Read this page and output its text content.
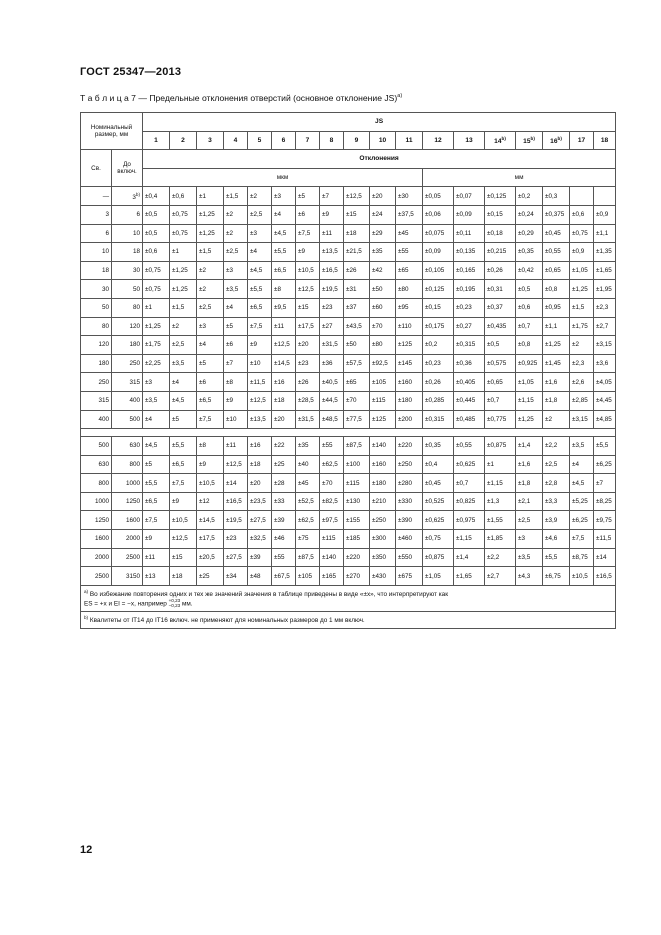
ГОСТ 25347—2013
Т а б л и ц а 7 — Предельные отклонения отверстий (основное отклонение JS)$^{а)}$
Номинальный размер, мм		JS																	
		1	2	3	4	5	6	7	8	9	10	11	12	13	14$^{b)}$	15$^{b)}$	16$^{b)}$	17	18
Св.	До включ.	Отклонения																	
		мкм											мм						
—	$3^{b)}$	±0,4	±0,6	±1	±1,5	±2	±3	±5	±7	±12,5	±20	±30	±0,05	±0,07	±0,125	±0,2	±0,3		
3	6	±0,5	±0,75	±1,25	±2	±2,5	±4	±6	±9	±15	±24	±37,5	±0,06	±0,09	±0,15	±0,24	±0,375	±0,6	±0,9
6	10	±0,5	±0,75	±1,25	±2	±3	±4,5	±7,5	±11	±18	±29	±45	±0,075	±0,11	±0,18	±0,29	±0,45	±0,75	±1,1
10	18	±0,6	±1	±1,5	±2,5	±4	±5,5	±9	±13,5	±21,5	±35	±55	±0,09	±0,135	±0,215	±0,35	±0,55	±0,9	±1,35
18	30	±0,75	±1,25	±2	±3	±4,5	±6,5	±10,5	±16,5	±26	±42	±65	±0,105	±0,165	±0,26	±0,42	±0,65	±1,05	±1,65
30	50	±0,75	±1,25	±2	±3,5	±5,5	±8	±12,5	±19,5	±31	±50	±80	±0,125	±0,195	±0,31	±0,5	±0,8	±1,25	±1,95
50	80	±1	±1,5	±2,5	±4	±6,5	±9,5	±15	±23	±37	±60	±95	±0,15	±0,23	±0,37	±0,6	±0,95	±1,5	±2,3
80	120	±1,25	±2	±3	±5	±7,5	±11	±17,5	±27	±43,5	±70	±110	±0,175	±0,27	±0,435	±0,7	±1,1	±1,75	±2,7
120	180	±1,75	±2,5	±4	±6	±9	±12,5	±20	±31,5	±50	±80	±125	±0,2	±0,315	±0,5	±0,8	±1,25	±2	±3,15
180	250	±2,25	±3,5	±5	±7	±10	±14,5	±23	±36	±57,5	±92,5	±145	±0,23	±0,36	±0,575	±0,925	±1,45	±2,3	±3,6
250	315	±3	±4	±6	±8	±11,5	±16	±26	±40,5	±65	±105	±160	±0,26	±0,405	±0,65	±1,05	±1,6	±2,6	±4,05
315	400	±3,5	±4,5	±6,5	±9	±12,5	±18	±28,5	±44,5	±70	±115	±180	±0,285	±0,445	±0,7	±1,15	±1,8	±2,85	±4,45
400	500	±4	±5	±7,5	±10	±13,5	±20	±31,5	±48,5	±77,5	±125	±200	±0,315	±0,485	±0,775	±1,25	±2	±3,15	±4,85

500	630	±4,5	±5,5	±8	±11	±16	±22	±35	±55	±87,5	±140	±220	±0,35	±0,55	±0,875	±1,4	±2,2	±3,5	±5,5
630	800	±5	±6,5	±9	±12,5	±18	±25	±40	±62,5	±100	±160	±250	±0,4	±0,625	±1	±1,6	±2,5	±4	±6,25
800	1000	±5,5	±7,5	±10,5	±14	±20	±28	±45	±70	±115	±180	±280	±0,45	±0,7	±1,15	±1,8	±2,8	±4,5	±7
1000	1250	±6,5	±9	±12	±16,5	±23,5	±33	±52,5	±82,5	±130	±210	±330	±0,525	±0,825	±1,3	±2,1	±3,3	±5,25	±8,25
1250	1600	±7,5	±10,5	±14,5	±19,5	±27,5	±39	±62,5	±97,5	±155	±250	±390	±0,625	±0,975	±1,55	±2,5	±3,9	±6,25	±9,75
1600	2000	±9	±12,5	±17,5	±23	±32,5	±46	±75	±115	±185	±300	±460	±0,75	±1,15	±1,85	±3	±4,6	±7,5	±11,5
2000	2500	±11	±15	±20,5	±27,5	±39	±55	±87,5	±140	±220	±350	±550	±0,875	±1,4	±2,2	±3,5	±5,5	±8,75	±14
2500	3150	±13	±18	±25	±34	±48	±67,5	±105	±165	±270	±430	±675	±1,05	±1,65	±2,7	±4,3	±6,75	±10,5	±16,5
$^{а)}$ Во избежание повторения одних и тех же значений значения в таблице приведены в виде «±x», что интерпретируют как
ES = +x и EI = −x, например +0,23
−0,23 мм.																			
$^{b)}$ Квалитеты от IT14 до IT16 включ. не применяют для номинальных размеров до 1 мм включ.																			
12
